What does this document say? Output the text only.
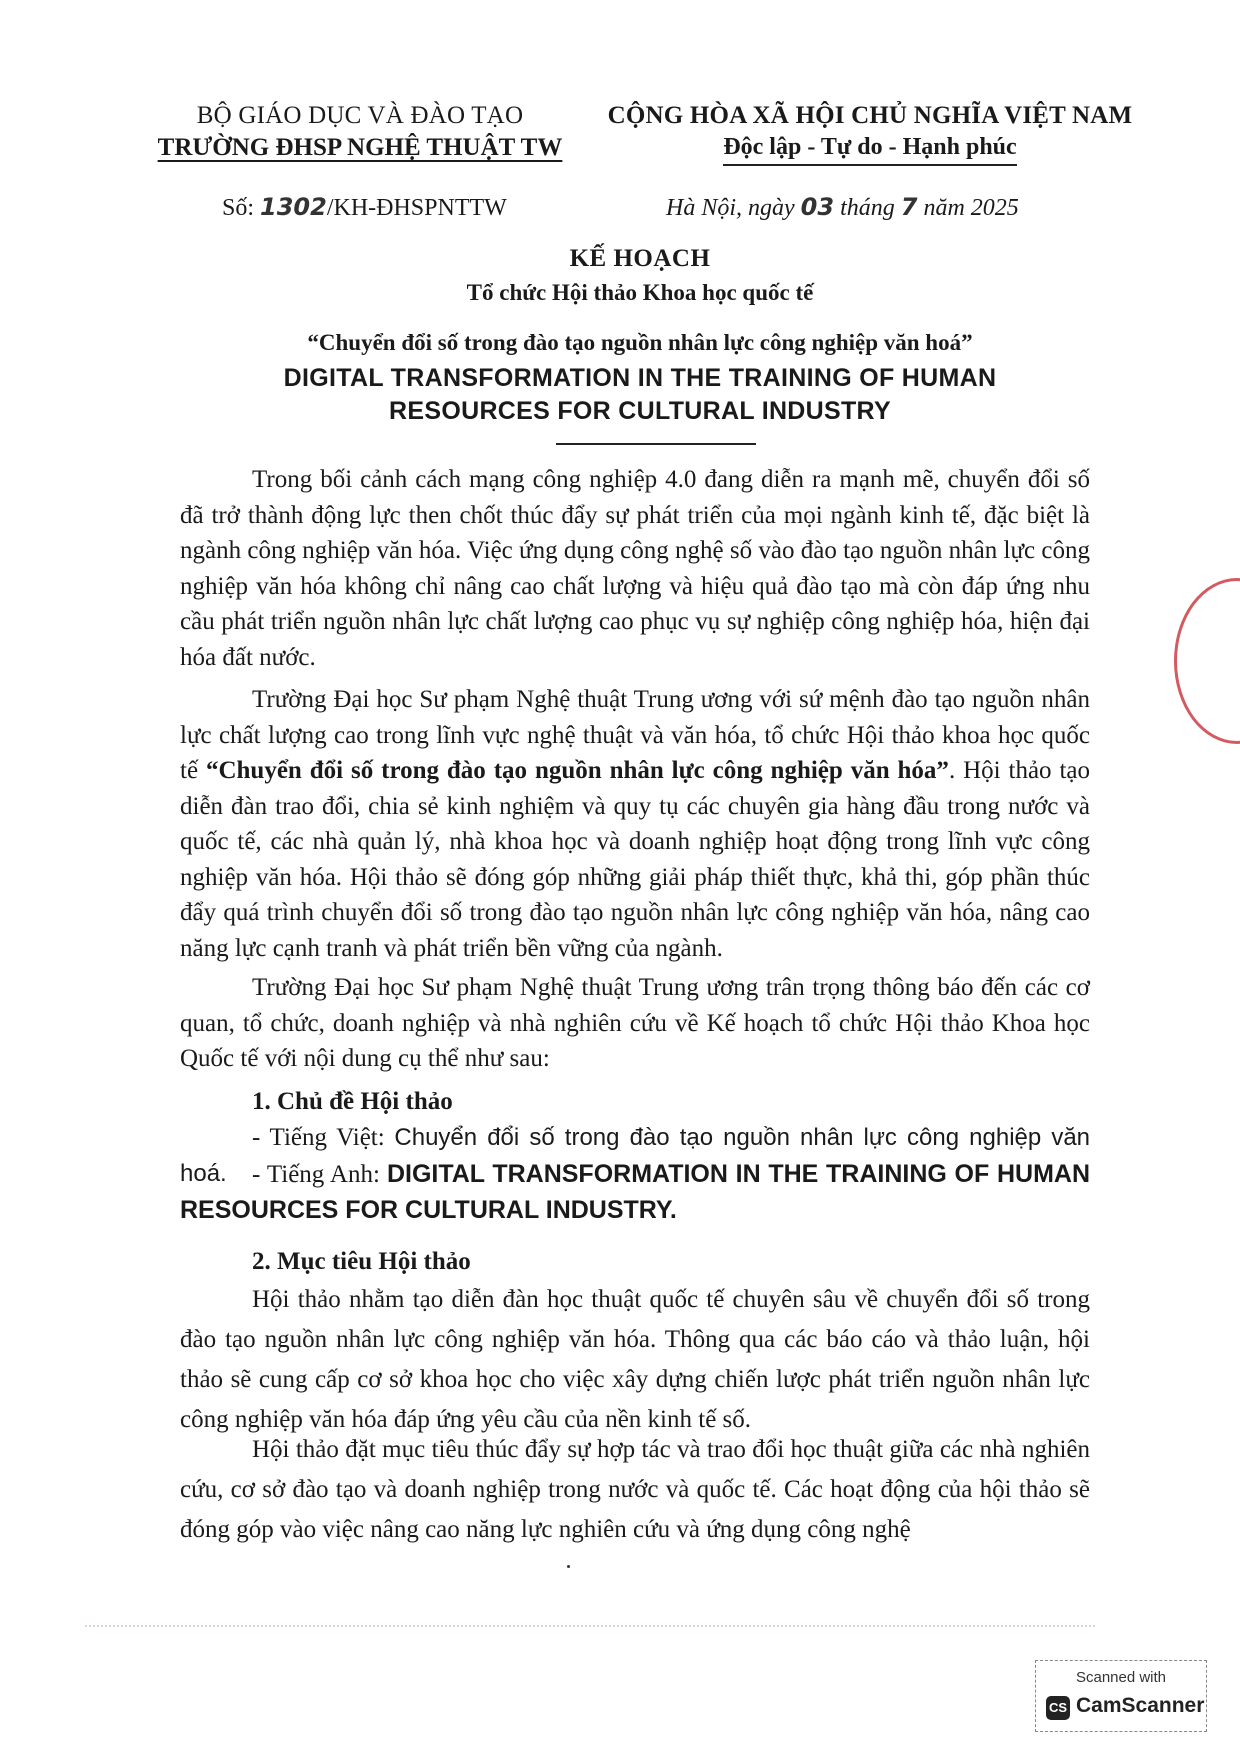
BỘ GIÁO DỤC VÀ ĐÀO TẠO
TRƯỜNG ĐHSP NGHỆ THUẬT TW
CỘNG HÒA XÃ HỘI CHỦ NGHĨA VIỆT NAM
Độc lập - Tự do - Hạnh phúc
Số: 1302/KH-ĐHSPNTTW	Hà Nội, ngày 03 tháng 7 năm 2025
KẾ HOẠCH
Tổ chức Hội thảo Khoa học quốc tế
“Chuyển đổi số trong đào tạo nguồn nhân lực công nghiệp văn hoá”
DIGITAL TRANSFORMATION IN THE TRAINING OF HUMAN
RESOURCES FOR CULTURAL INDUSTRY
Trong bối cảnh cách mạng công nghiệp 4.0 đang diễn ra mạnh mẽ, chuyển đổi số đã trở thành động lực then chốt thúc đẩy sự phát triển của mọi ngành kinh tế, đặc biệt là ngành công nghiệp văn hóa. Việc ứng dụng công nghệ số vào đào tạo nguồn nhân lực công nghiệp văn hóa không chỉ nâng cao chất lượng và hiệu quả đào tạo mà còn đáp ứng nhu cầu phát triển nguồn nhân lực chất lượng cao phục vụ sự nghiệp công nghiệp hóa, hiện đại hóa đất nước.
Trường Đại học Sư phạm Nghệ thuật Trung ương với sứ mệnh đào tạo nguồn nhân lực chất lượng cao trong lĩnh vực nghệ thuật và văn hóa, tổ chức Hội thảo khoa học quốc tế “Chuyển đổi số trong đào tạo nguồn nhân lực công nghiệp văn hóa”. Hội thảo tạo diễn đàn trao đổi, chia sẻ kinh nghiệm và quy tụ các chuyên gia hàng đầu trong nước và quốc tế, các nhà quản lý, nhà khoa học và doanh nghiệp hoạt động trong lĩnh vực công nghiệp văn hóa. Hội thảo sẽ đóng góp những giải pháp thiết thực, khả thi, góp phần thúc đẩy quá trình chuyển đổi số trong đào tạo nguồn nhân lực công nghiệp văn hóa, nâng cao năng lực cạnh tranh và phát triển bền vững của ngành.
Trường Đại học Sư phạm Nghệ thuật Trung ương trân trọng thông báo đến các cơ quan, tổ chức, doanh nghiệp và nhà nghiên cứu về Kế hoạch tổ chức Hội thảo Khoa học Quốc tế với nội dung cụ thể như sau:
1. Chủ đề Hội thảo
- Tiếng Việt: Chuyển đổi số trong đào tạo nguồn nhân lực công nghiệp văn hoá.	- Tiếng Anh: DIGITAL TRANSFORMATION IN THE TRAINING OF HUMAN RESOURCES FOR CULTURAL INDUSTRY.
2. Mục tiêu Hội thảo
Hội thảo nhằm tạo diễn đàn học thuật quốc tế chuyên sâu về chuyển đổi số trong đào tạo nguồn nhân lực công nghiệp văn hóa. Thông qua các báo cáo và thảo luận, hội thảo sẽ cung cấp cơ sở khoa học cho việc xây dựng chiến lược phát triển nguồn nhân lực công nghiệp văn hóa đáp ứng yêu cầu của nền kinh tế số.
Hội thảo đặt mục tiêu thúc đẩy sự hợp tác và trao đổi học thuật giữa các nhà nghiên cứu, cơ sở đào tạo và doanh nghiệp trong nước và quốc tế. Các hoạt động của hội thảo sẽ đóng góp vào việc nâng cao năng lực nghiên cứu và ứng dụng công nghệ
Scanned with
CS CamScanner
